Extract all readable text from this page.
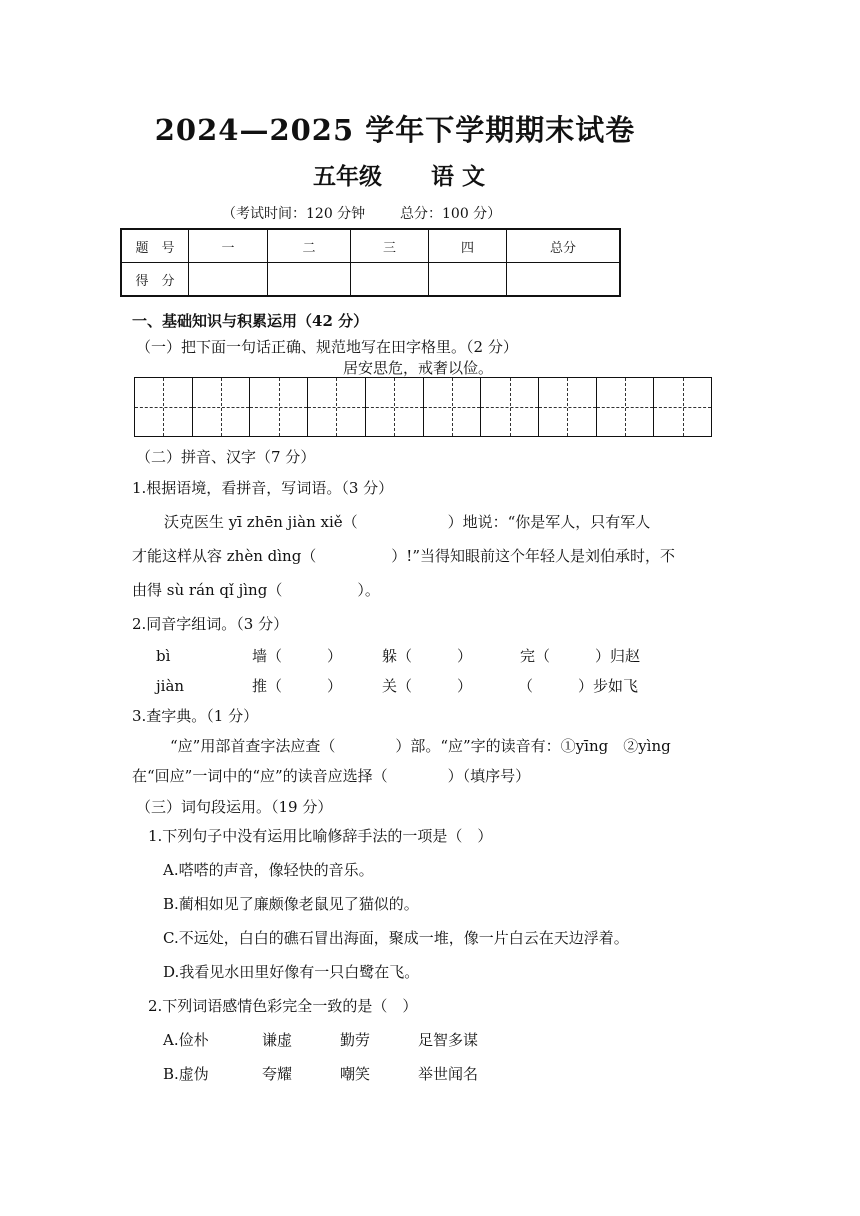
2024—2025 学年下学期期末试卷
五年级 语 文
（考试时间：120 分钟 总分：100 分）
题　号	一	二	三	四	总分
得　分					
一、基础知识与积累运用（42 分）
（一）把下面一句话正确、规范地写在田字格里。（2 分）
居安思危，戒奢以俭。
（二）拼音、汉字（7 分）
1.根据语境，看拼音，写词语。（3 分）
沃克医生 yī zhēn jiàn xiě（　　　　　　）地说：“你是军人，只有军人
才能这样从容 zhèn dìng（　　　　　）!”当得知眼前这个年轻人是刘伯承时，不
由得 sù rán qǐ jìng（　　　　　）。
2.同音字组词。（3 分）
bì	墙（　　　）	躲（　　　）	完（　　　）归赵
jiàn	推（　　　）	关（　　　）	（　　　）步如飞
3.查字典。（1 分）
“应”用部首查字法应查（　　　　）部。“应”字的读音有：①yīng　②yìng
在“回应”一词中的“应”的读音应选择（　　　　）（填序号）
（三）词句段运用。（19 分）
1.下列句子中没有运用比喻修辞手法的一项是（　）
A.嗒嗒的声音，像轻快的音乐。
B.蔺相如见了廉颇像老鼠见了猫似的。
C.不远处，白白的礁石冒出海面，聚成一堆，像一片白云在天边浮着。
D.我看见水田里好像有一只白鹭在飞。
2.下列词语感情色彩完全一致的是（　）
A.俭朴	谦虚	勤劳	足智多谋
B.虚伪	夸耀	嘲笑	举世闻名
